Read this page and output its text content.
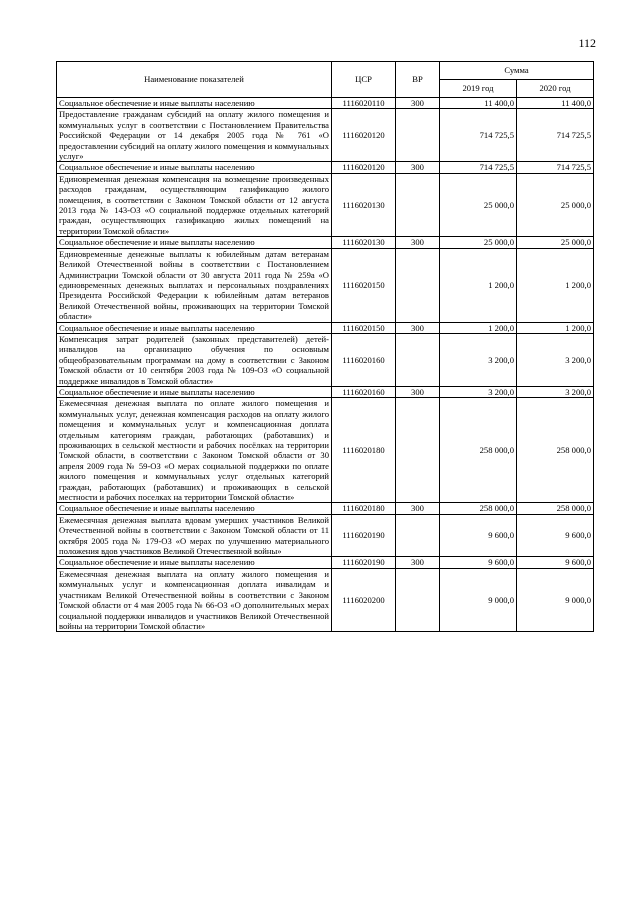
112
Наименование показателей	ЦСР	ВР	Сумма	
			2019 год	2020 год
Социальное обеспечение и иные выплаты населению	1116020110	300	11 400,0	11 400,0
Предоставление гражданам субсидий на оплату жилого помещения и коммунальных услуг в соответствии с Постановлением Правительства Российской Федерации от 14 декабря 2005 года № 761 «О предоставлении субсидий на оплату жилого помещения и коммунальных услуг»	1116020120		714 725,5	714 725,5
Социальное обеспечение и иные выплаты населению	1116020120	300	714 725,5	714 725,5
Единовременная денежная компенсация на возмещение произведенных расходов гражданам, осуществляющим газификацию жилого помещения, в соответствии с Законом Томской области от 12 августа 2013 года № 143-ОЗ «О социальной поддержке отдельных категорий граждан, осуществляющих газификацию жилых помещений на территории Томской области»	1116020130		25 000,0	25 000,0
Социальное обеспечение и иные выплаты населению	1116020130	300	25 000,0	25 000,0
Единовременные денежные выплаты к юбилейным датам ветеранам Великой Отечественной войны в соответствии с Постановлением Администрации Томской области от 30 августа 2011 года № 259а «О единовременных денежных выплатах и персональных поздравлениях Президента Российской Федерации к юбилейным датам ветеранов Великой Отечественной войны, проживающих на территории Томской области»	1116020150		1 200,0	1 200,0
Социальное обеспечение и иные выплаты населению	1116020150	300	1 200,0	1 200,0
Компенсация затрат родителей (законных представителей) детей-инвалидов на организацию обучения по основным общеобразовательным программам на дому в соответствии с Законом Томской области от 10 сентября 2003 года № 109-ОЗ «О социальной поддержке инвалидов в Томской области»	1116020160		3 200,0	3 200,0
Социальное обеспечение и иные выплаты населению	1116020160	300	3 200,0	3 200,0
Ежемесячная денежная выплата по оплате жилого помещения и коммунальных услуг, денежная компенсация расходов на оплату жилого помещения и коммунальных услуг и компенсационная доплата отдельным категориям граждан, работающих (работавших) и проживающих в сельской местности и рабочих посёлках на территории Томской области, в соответствии с Законом Томской области от 30 апреля 2009 года № 59-ОЗ «О мерах социальной поддержки по оплате жилого помещения и коммунальных услуг отдельных категорий граждан, работающих (работавших) и проживающих в сельской местности и рабочих поселках на территории Томской области»	1116020180		258 000,0	258 000,0
Социальное обеспечение и иные выплаты населению	1116020180	300	258 000,0	258 000,0
Ежемесячная денежная выплата вдовам умерших участников Великой Отечественной войны в соответствии с Законом Томской области от 11 октября 2005 года № 179-ОЗ «О мерах по улучшению материального положения вдов участников Великой Отечественной войны»	1116020190		9 600,0	9 600,0
Социальное обеспечение и иные выплаты населению	1116020190	300	9 600,0	9 600,0
Ежемесячная денежная выплата на оплату жилого помещения и коммунальных услуг и компенсационная доплата инвалидам и участникам Великой Отечественной войны в соответствии с Законом Томской области от 4 мая 2005 года № 66-ОЗ «О дополнительных мерах социальной поддержки инвалидов и участников Великой Отечественной войны на территории Томской области»	1116020200		9 000,0	9 000,0
